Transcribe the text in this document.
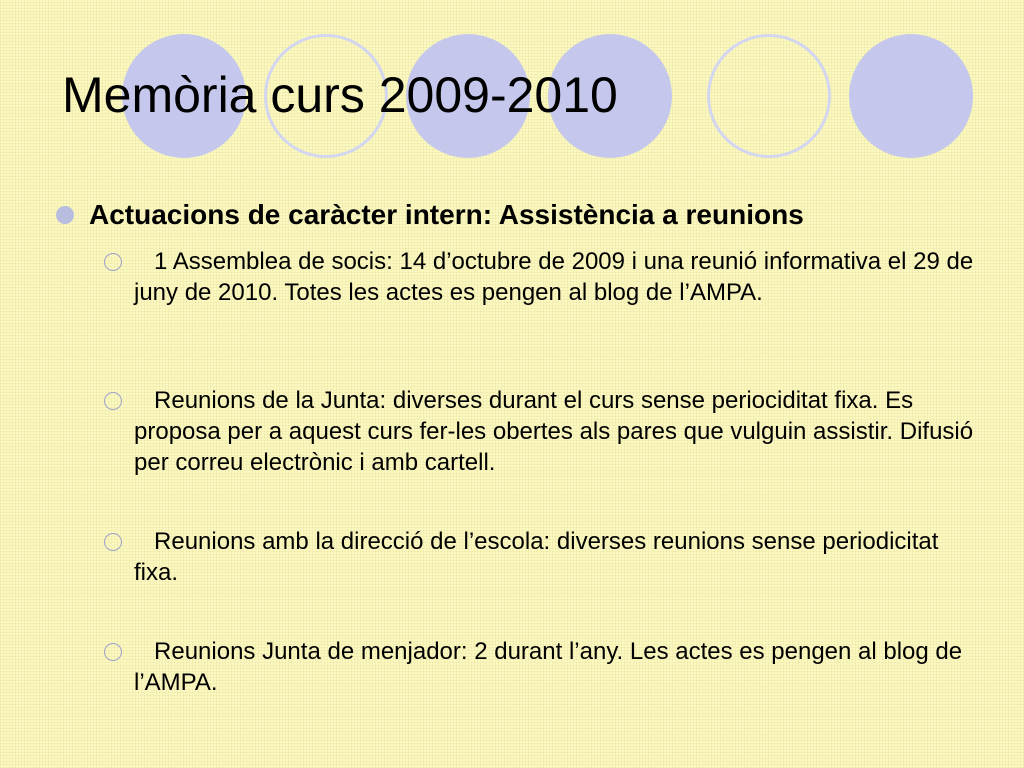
Memòria curs 2009-2010
Actuacions de caràcter intern: Assistència a reunions
1 Assemblea de socis: 14 d’octubre de 2009 i una reunió informativa el 29 de juny de 2010. Totes les actes es pengen al blog de l’AMPA.
Reunions de la Junta: diverses durant el curs sense periociditat fixa. Es proposa per a aquest curs fer-les obertes als pares que vulguin assistir. Difusió per correu electrònic i amb cartell.
Reunions amb la direcció de l’escola: diverses reunions sense periodicitat fixa.
Reunions Junta de menjador: 2 durant l’any. Les actes es pengen al blog de l’AMPA.
